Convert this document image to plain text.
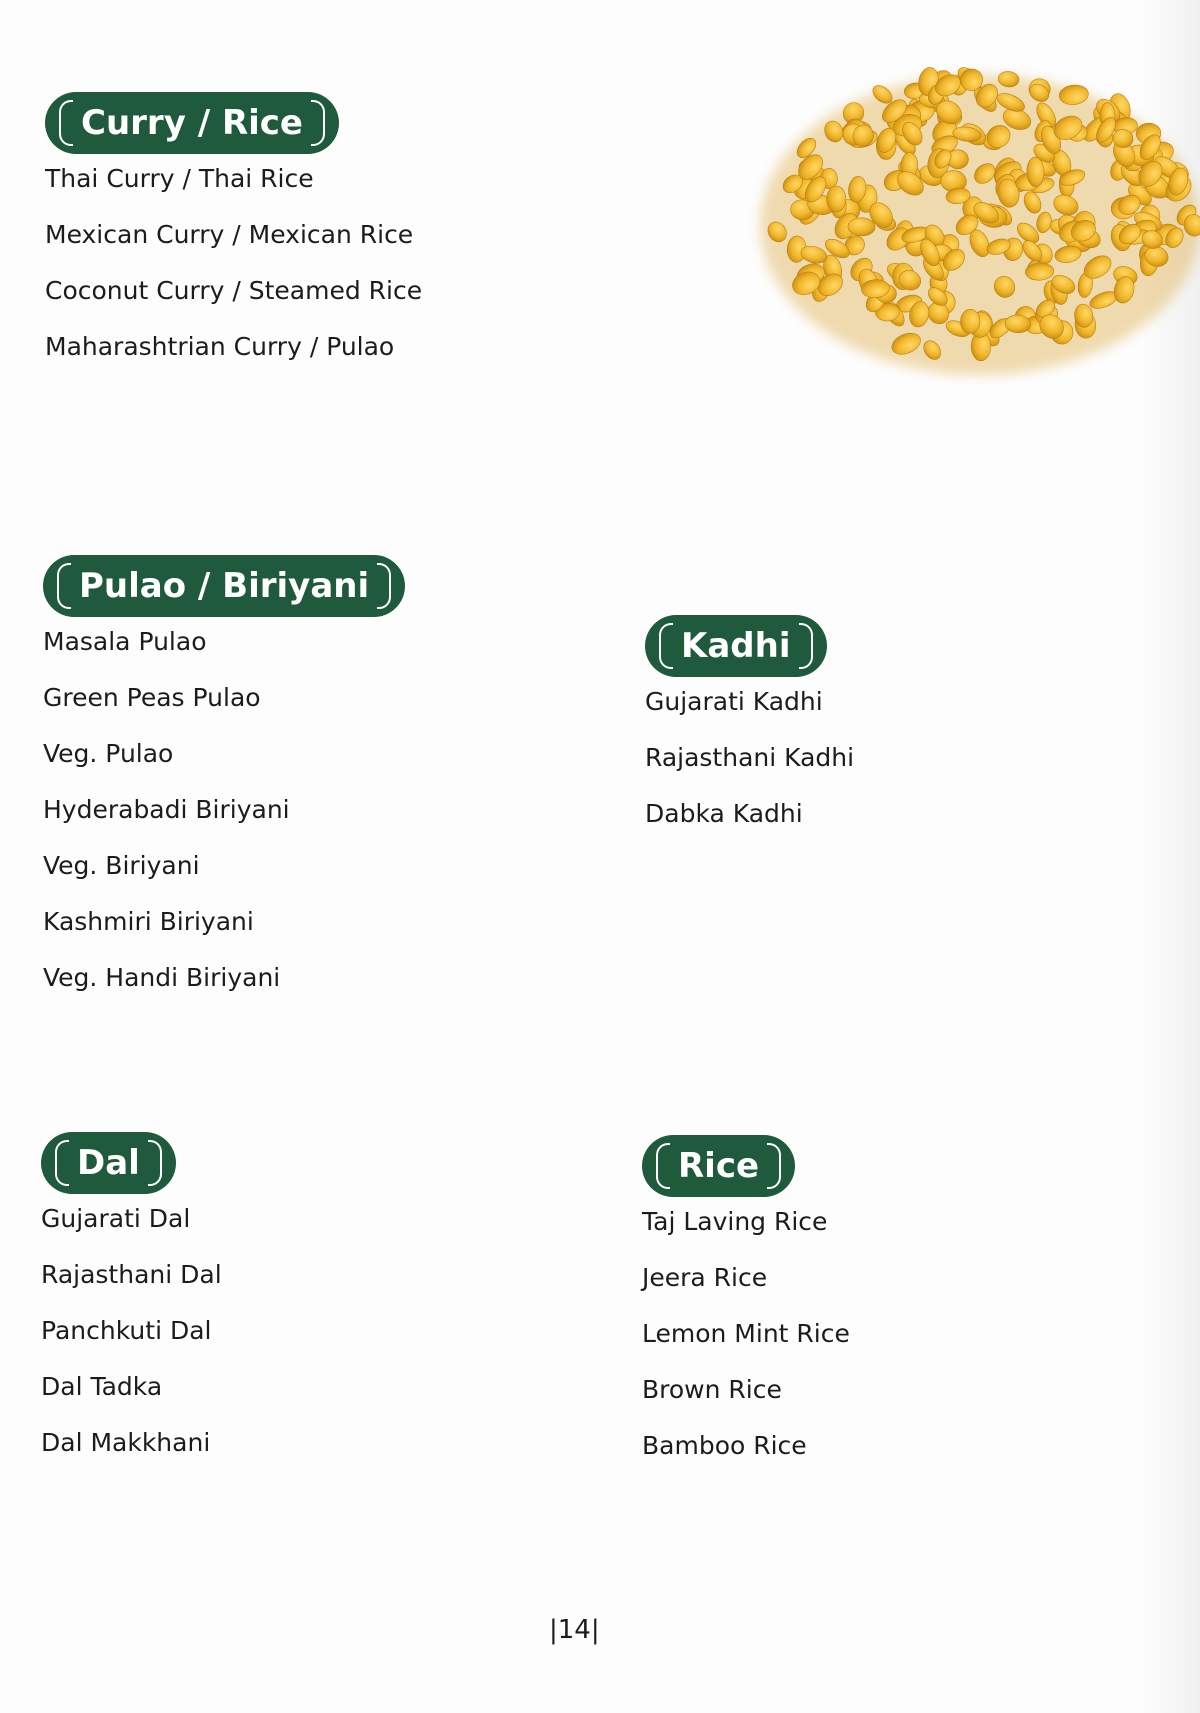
Curry / Rice
Thai Curry / Thai Rice
Mexican Curry / Mexican Rice
Coconut Curry / Steamed Rice
Maharashtrian Curry / Pulao
Pulao / Biriyani
Masala Pulao
Green Peas Pulao
Veg. Pulao
Hyderabadi Biriyani
Veg. Biriyani
Kashmiri Biriyani
Veg. Handi Biriyani
Kadhi
Gujarati Kadhi
Rajasthani Kadhi
Dabka Kadhi
Dal
Gujarati Dal
Rajasthani Dal
Panchkuti Dal
Dal Tadka
Dal Makkhani
Rice
Taj Laving Rice
Jeera Rice
Lemon Mint Rice
Brown Rice
Bamboo Rice
|14|
